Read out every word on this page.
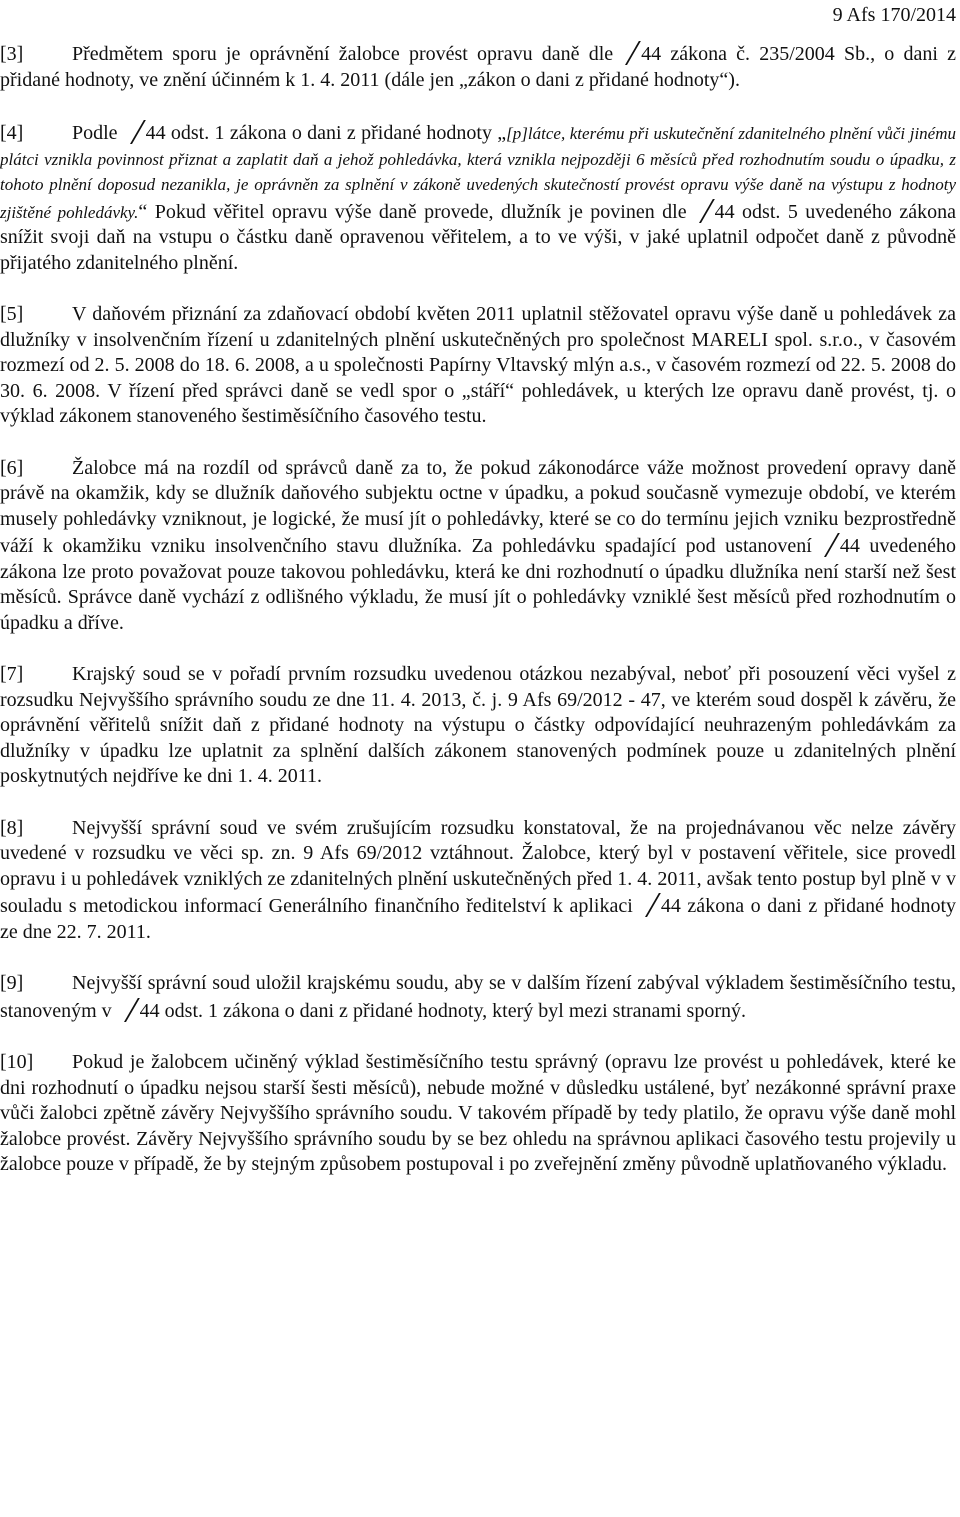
9 Afs 170/2014

[3] Předmětem sporu je oprávnění žalobce provést opravu daně dle 44 zákona č. 235/2004 Sb., o dani z přidané hodnoty, ve znění účinném k 1. 4. 2011 (dále jen „zákon o dani z přidané hodnoty“).

[4] Podle 44 odst. 1 zákona o dani z přidané hodnoty „[p]látce, kterému při uskutečnění zdanitelného plnění vůči jinému plátci vznikla povinnost přiznat a zaplatit daň a jehož pohledávka, která vznikla nejpozději 6 měsíců před rozhodnutím soudu o úpadku, z tohoto plnění doposud nezanikla, je oprávněn za splnění v zákoně uvedených skutečností provést opravu výše daně na výstupu z hodnoty zjištěné pohledávky.“ Pokud věřitel opravu výše daně provede, dlužník je povinen dle 44 odst. 5 uvedeného zákona snížit svoji daň na vstupu o částku daně opravenou věřitelem, a to ve výši, v jaké uplatnil odpočet daně z původně přijatého zdanitelného plnění.

[5] V daňovém přiznání za zdaňovací období květen 2011 uplatnil stěžovatel opravu výše daně u pohledávek za dlužníky v insolvenčním řízení u zdanitelných plnění uskutečněných pro společnost MARELI spol. s.r.o., v časovém rozmezí od 2. 5. 2008 do 18. 6. 2008, a u společnosti Papírny Vltavský mlýn a.s., v časovém rozmezí od 22. 5. 2008 do 30. 6. 2008. V řízení před správci daně se vedl spor o „stáří“ pohledávek, u kterých lze opravu daně provést, tj. o výklad zákonem stanoveného šestiměsíčního časového testu.

[6] Žalobce má na rozdíl od správců daně za to, že pokud zákonodárce váže možnost provedení opravy daně právě na okamžik, kdy se dlužník daňového subjektu octne v úpadku, a pokud současně vymezuje období, ve kterém musely pohledávky vzniknout, je logické, že musí jít o pohledávky, které se co do termínu jejich vzniku bezprostředně váží k okamžiku vzniku insolvenčního stavu dlužníka. Za pohledávku spadající pod ustanovení 44 uvedeného zákona lze proto považovat pouze takovou pohledávku, která ke dni rozhodnutí o úpadku dlužníka není starší než šest měsíců. Správce daně vychází z odlišného výkladu, že musí jít o pohledávky vzniklé šest měsíců před rozhodnutím o úpadku a dříve.

[7] Krajský soud se v pořadí prvním rozsudku uvedenou otázkou nezabýval, neboť při posouzení věci vyšel z rozsudku Nejvyššího správního soudu ze dne 11. 4. 2013, č. j. 9 Afs 69/2012 - 47, ve kterém soud dospěl k závěru, že oprávnění věřitelů snížit daň z přidané hodnoty na výstupu o částky odpovídající neuhrazeným pohledávkám za dlužníky v úpadku lze uplatnit za splnění dalších zákonem stanovených podmínek pouze u zdanitelných plnění poskytnutých nejdříve ke dni 1. 4. 2011.

[8] Nejvyšší správní soud ve svém zrušujícím rozsudku konstatoval, že na projednávanou věc nelze závěry uvedené v rozsudku ve věci sp. zn. 9 Afs 69/2012 vztáhnout. Žalobce, který byl v postavení věřitele, sice provedl opravu i u pohledávek vzniklých ze zdanitelných plnění uskutečněných před 1. 4. 2011, avšak tento postup byl plně v v souladu s metodickou informací Generálního finančního ředitelství k aplikaci 44 zákona o dani z přidané hodnoty ze dne 22. 7. 2011.

[9] Nejvyšší správní soud uložil krajskému soudu, aby se v dalším řízení zabýval výkladem šestiměsíčního testu, stanoveným v 44 odst. 1 zákona o dani z přidané hodnoty, který byl mezi stranami sporný.

[10] Pokud je žalobcem učiněný výklad šestiměsíčního testu správný (opravu lze provést u pohledávek, které ke dni rozhodnutí o úpadku nejsou starší šesti měsíců), nebude možné v důsledku ustálené, byť nezákonné správní praxe vůči žalobci zpětně závěry Nejvyššího správního soudu. V takovém případě by tedy platilo, že opravu výše daně mohl žalobce provést. Závěry Nejvyššího správního soudu by se bez ohledu na správnou aplikaci časového testu projevily u žalobce pouze v případě, že by stejným způsobem postupoval i po zveřejnění změny původně uplatňovaného výkladu.
